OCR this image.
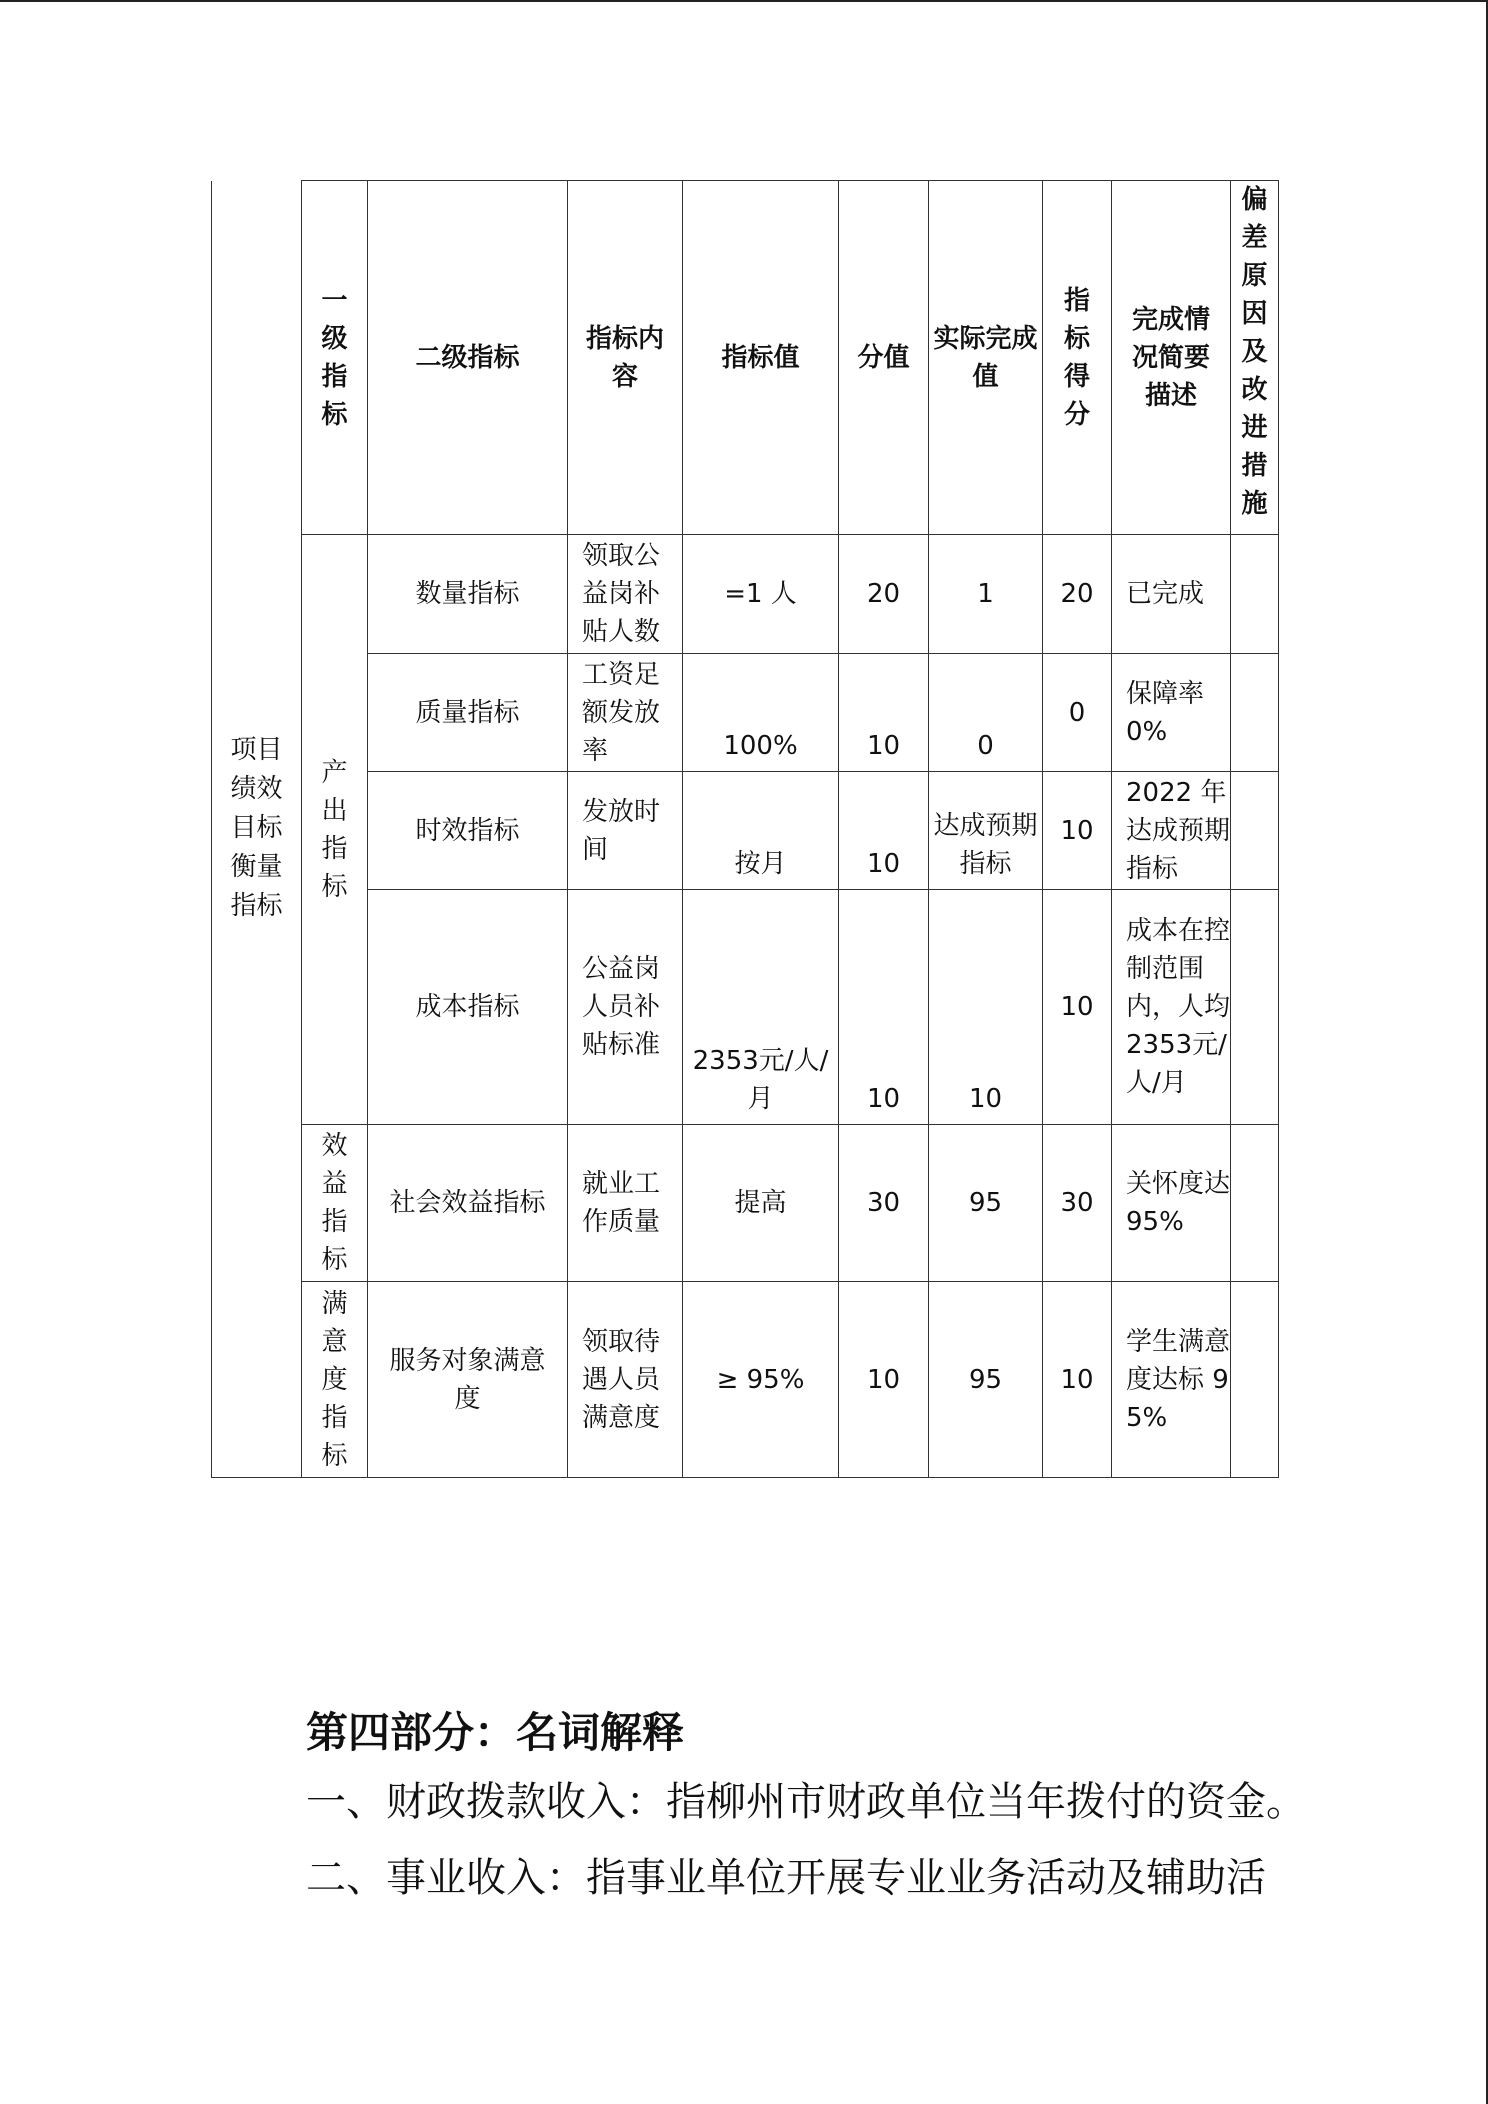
项目绩效目标衡量指标	一级指标	二级指标	指标内容	指标值	分值	实际完成值	指标得分	完成情况简要描述	偏差原因及改进措施
	产出指标	数量指标	领取公益岗补贴人数	=1 人	20	1	20	已完成	
		质量指标	工资足额发放率	100%	10	0	0	保障率0%	
		时效指标	发放时间	按月	10	达成预期指标	10	2022 年达成预期指标	
		成本指标	公益岗人员补贴标准	2353元/人/月	10	10	10	成本在控制范围内，人均2353元/人/月	
	效益指标	社会效益指标	就业工作质量	提高	30	95	30	关怀度达 95%	
	满意度指标	服务对象满意度	领取待遇人员满意度	≥ 95%	10	95	10	学生满意度达标 95%	
第四部分：名词解释

一、财政拨款收入：指柳州市财政单位当年拨付的资金。

二、事业收入：指事业单位开展专业业务活动及辅助活
